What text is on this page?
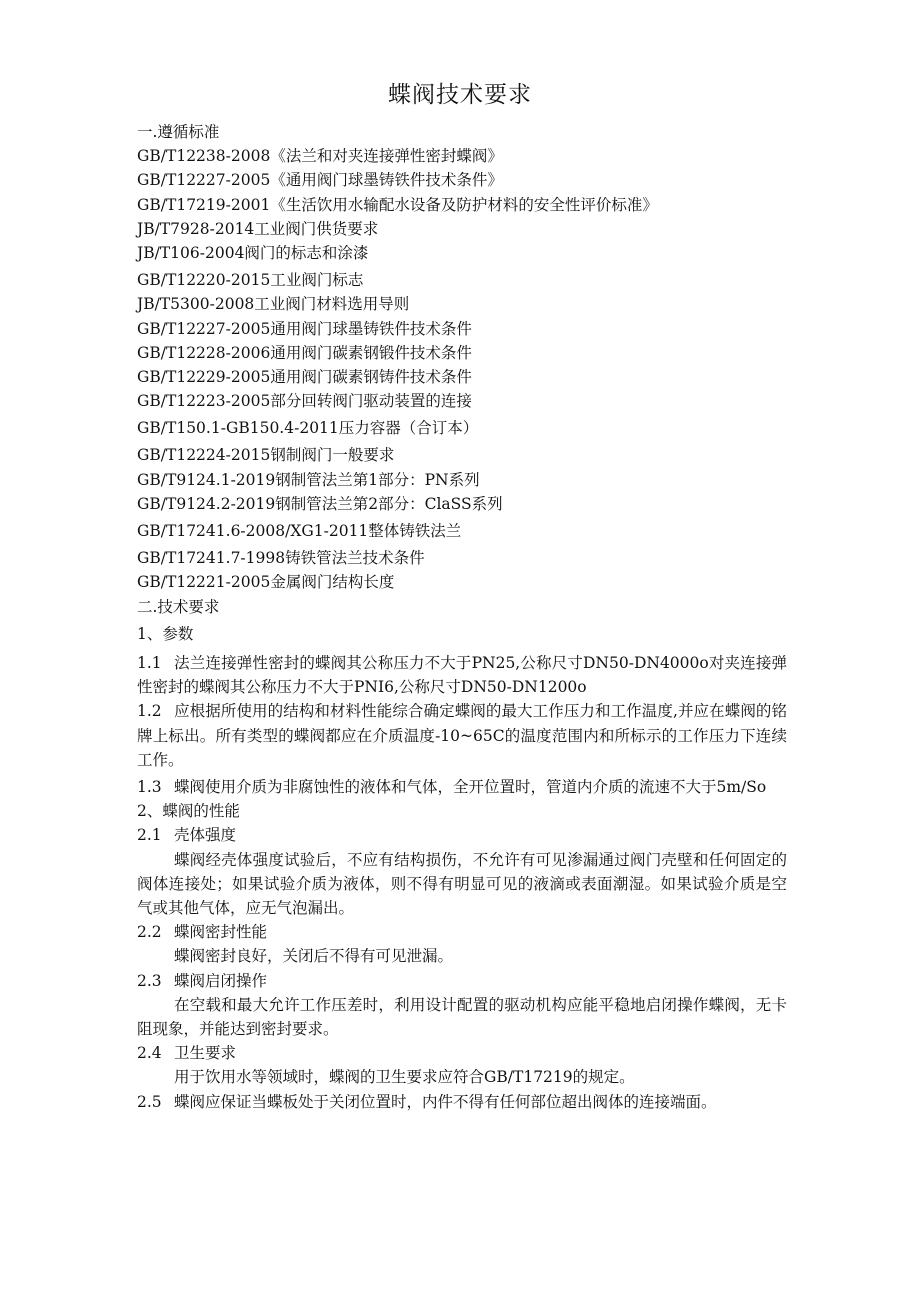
蝶阀技术要求
一.遵循标准
GB/T12238-2008《法兰和对夹连接弹性密封蝶阀》
GB/T12227-2005《通用阀门球墨铸铁件技术条件》
GB/T17219-2001《生活饮用水输配水设备及防护材料的安全性评价标准》
JB/T7928-2014工业阀门供货要求
JB/T106-2004阀门的标志和涂漆
GB/T12220-2015工业阀门标志
JB/T5300-2008工业阀门材料选用导则
GB/T12227-2005通用阀门球墨铸铁件技术条件
GB/T12228-2006通用阀门碳素钢锻件技术条件
GB/T12229-2005通用阀门碳素钢铸件技术条件
GB/T12223-2005部分回转阀门驱动装置的连接
GB/T150.1-GB150.4-2011压力容器（合订本）
GB/T12224-2015钢制阀门一般要求
GB/T9124.1-2019钢制管法兰第1部分：PN系列
GB/T9124.2-2019钢制管法兰第2部分：ClaSS系列
GB/T17241.6-2008/XG1-2011整体铸铁法兰
GB/T17241.7-1998铸铁管法兰技术条件
GB/T12221-2005金属阀门结构长度
二.技术要求
1、参数
1.1 法兰连接弹性密封的蝶阀其公称压力不大于PN25,公称尺寸DN50-DN4000o对夹连接弹性密封的蝶阀其公称压力不大于PNI6,公称尺寸DN50-DN1200o
1.2 应根据所使用的结构和材料性能综合确定蝶阀的最大工作压力和工作温度,并应在蝶阀的铭牌上标出。所有类型的蝶阀都应在介质温度-10~65C的温度范围内和所标示的工作压力下连续工作。
1.3 蝶阀使用介质为非腐蚀性的液体和气体，全开位置时，管道内介质的流速不大于5m∕So
2、蝶阀的性能
2.1 壳体强度
蝶阀经壳体强度试验后，不应有结构损伤，不允许有可见渗漏通过阀门壳壁和任何固定的阀体连接处；如果试验介质为液体，则不得有明显可见的液滴或表面潮湿。如果试验介质是空气或其他气体，应无气泡漏出。
2.2 蝶阀密封性能
蝶阀密封良好，关闭后不得有可见泄漏。
2.3 蝶阀启闭操作
在空载和最大允许工作压差时，利用设计配置的驱动机构应能平稳地启闭操作蝶阀，无卡阻现象，并能达到密封要求。
2.4 卫生要求
用于饮用水等领域时，蝶阀的卫生要求应符合GB/T17219的规定。
2.5 蝶阀应保证当蝶板处于关闭位置时，内件不得有任何部位超出阀体的连接端面。
